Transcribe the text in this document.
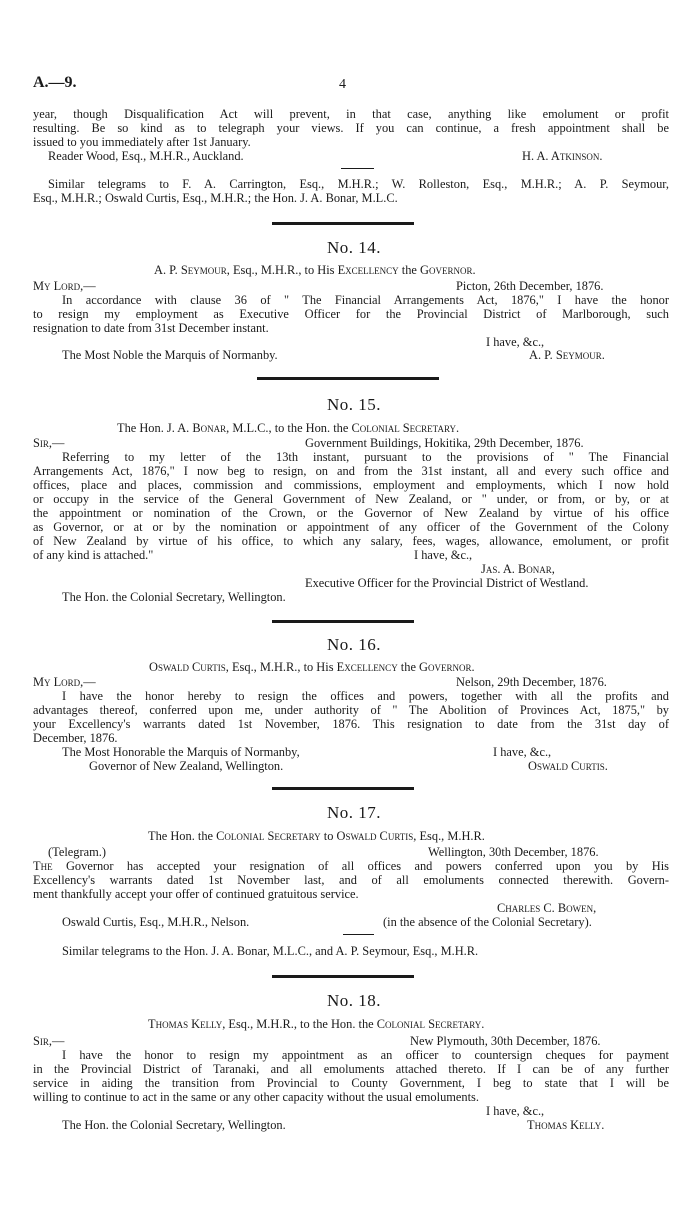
A.—9.	4
year, though Disqualification Act will prevent, in that case, anything like emolument or profit
resulting. Be so kind as to telegraph your views. If you can continue, a fresh appointment shall be
issued to you immediately after 1st January.
Reader Wood, Esq., M.H.R., Auckland.	H. A. Atkinson.
Similar telegrams to F. A. Carrington, Esq., M.H.R.; W. Rolleston, Esq., M.H.R.; A. P. Seymour,
Esq., M.H.R.; Oswald Curtis, Esq., M.H.R.; the Hon. J. A. Bonar, M.L.C.
No. 14.
A. P. Seymour, Esq., M.H.R., to His Excellency the Governor.
My Lord,—	Picton, 26th December, 1876.
In accordance with clause 36 of " The Financial Arrangements Act, 1876," I have the honor
to resign my employment as Executive Officer for the Provincial District of Marlborough, such
resignation to date from 31st December instant.
I have, &c.,
The Most Noble the Marquis of Normanby.	A. P. Seymour.
No. 15.
The Hon. J. A. Bonar, M.L.C., to the Hon. the Colonial Secretary.
Sir,—	Government Buildings, Hokitika, 29th December, 1876.
Referring to my letter of the 13th instant, pursuant to the provisions of " The Financial
Arrangements Act, 1876," I now beg to resign, on and from the 31st instant, all and every such office and
offices, place and places, commission and commissions, employment and employments, which I now hold
or occupy in the service of the General Government of New Zealand, or " under, or from, or by, or at
the appointment or nomination of the Crown, or the Governor of New Zealand by virtue of his office
as Governor, or at or by the nomination or appointment of any officer of the Government of the Colony
of New Zealand by virtue of his office, to which any salary, fees, wages, allowance, emolument, or profit
of any kind is attached."	I have, &c.,
Jas. A. Bonar,
Executive Officer for the Provincial District of Westland.
The Hon. the Colonial Secretary, Wellington.
No. 16.
Oswald Curtis, Esq., M.H.R., to His Excellency the Governor.
My Lord,—	Nelson, 29th December, 1876.
I have the honor hereby to resign the offices and powers, together with all the profits and
advantages thereof, conferred upon me, under authority of " The Abolition of Provinces Act, 1875," by
your Excellency's warrants dated 1st November, 1876. This resignation to date from the 31st day of
December, 1876.
The Most Honorable the Marquis of Normanby,	I have, &c.,
Governor of New Zealand, Wellington.	Oswald Curtis.
No. 17.
The Hon. the Colonial Secretary to Oswald Curtis, Esq., M.H.R.
(Telegram.)	Wellington, 30th December, 1876.
The Governor has accepted your resignation of all offices and powers conferred upon you by His
Excellency's warrants dated 1st November last, and of all emoluments connected therewith. Govern-
ment thankfully accept your offer of continued gratuitous service.
Charles C. Bowen,
Oswald Curtis, Esq., M.H.R., Nelson.	(in the absence of the Colonial Secretary).
Similar telegrams to the Hon. J. A. Bonar, M.L.C., and A. P. Seymour, Esq., M.H.R.
No. 18.
Thomas Kelly, Esq., M.H.R., to the Hon. the Colonial Secretary.
Sir,—	New Plymouth, 30th December, 1876.
I have the honor to resign my appointment as an officer to countersign cheques for payment
in the Provincial District of Taranaki, and all emoluments attached thereto. If I can be of any further
service in aiding the transition from Provincial to County Government, I beg to state that I will be
willing to continue to act in the same or any other capacity without the usual emoluments.
I have, &c.,
The Hon. the Colonial Secretary, Wellington.	Thomas Kelly.
